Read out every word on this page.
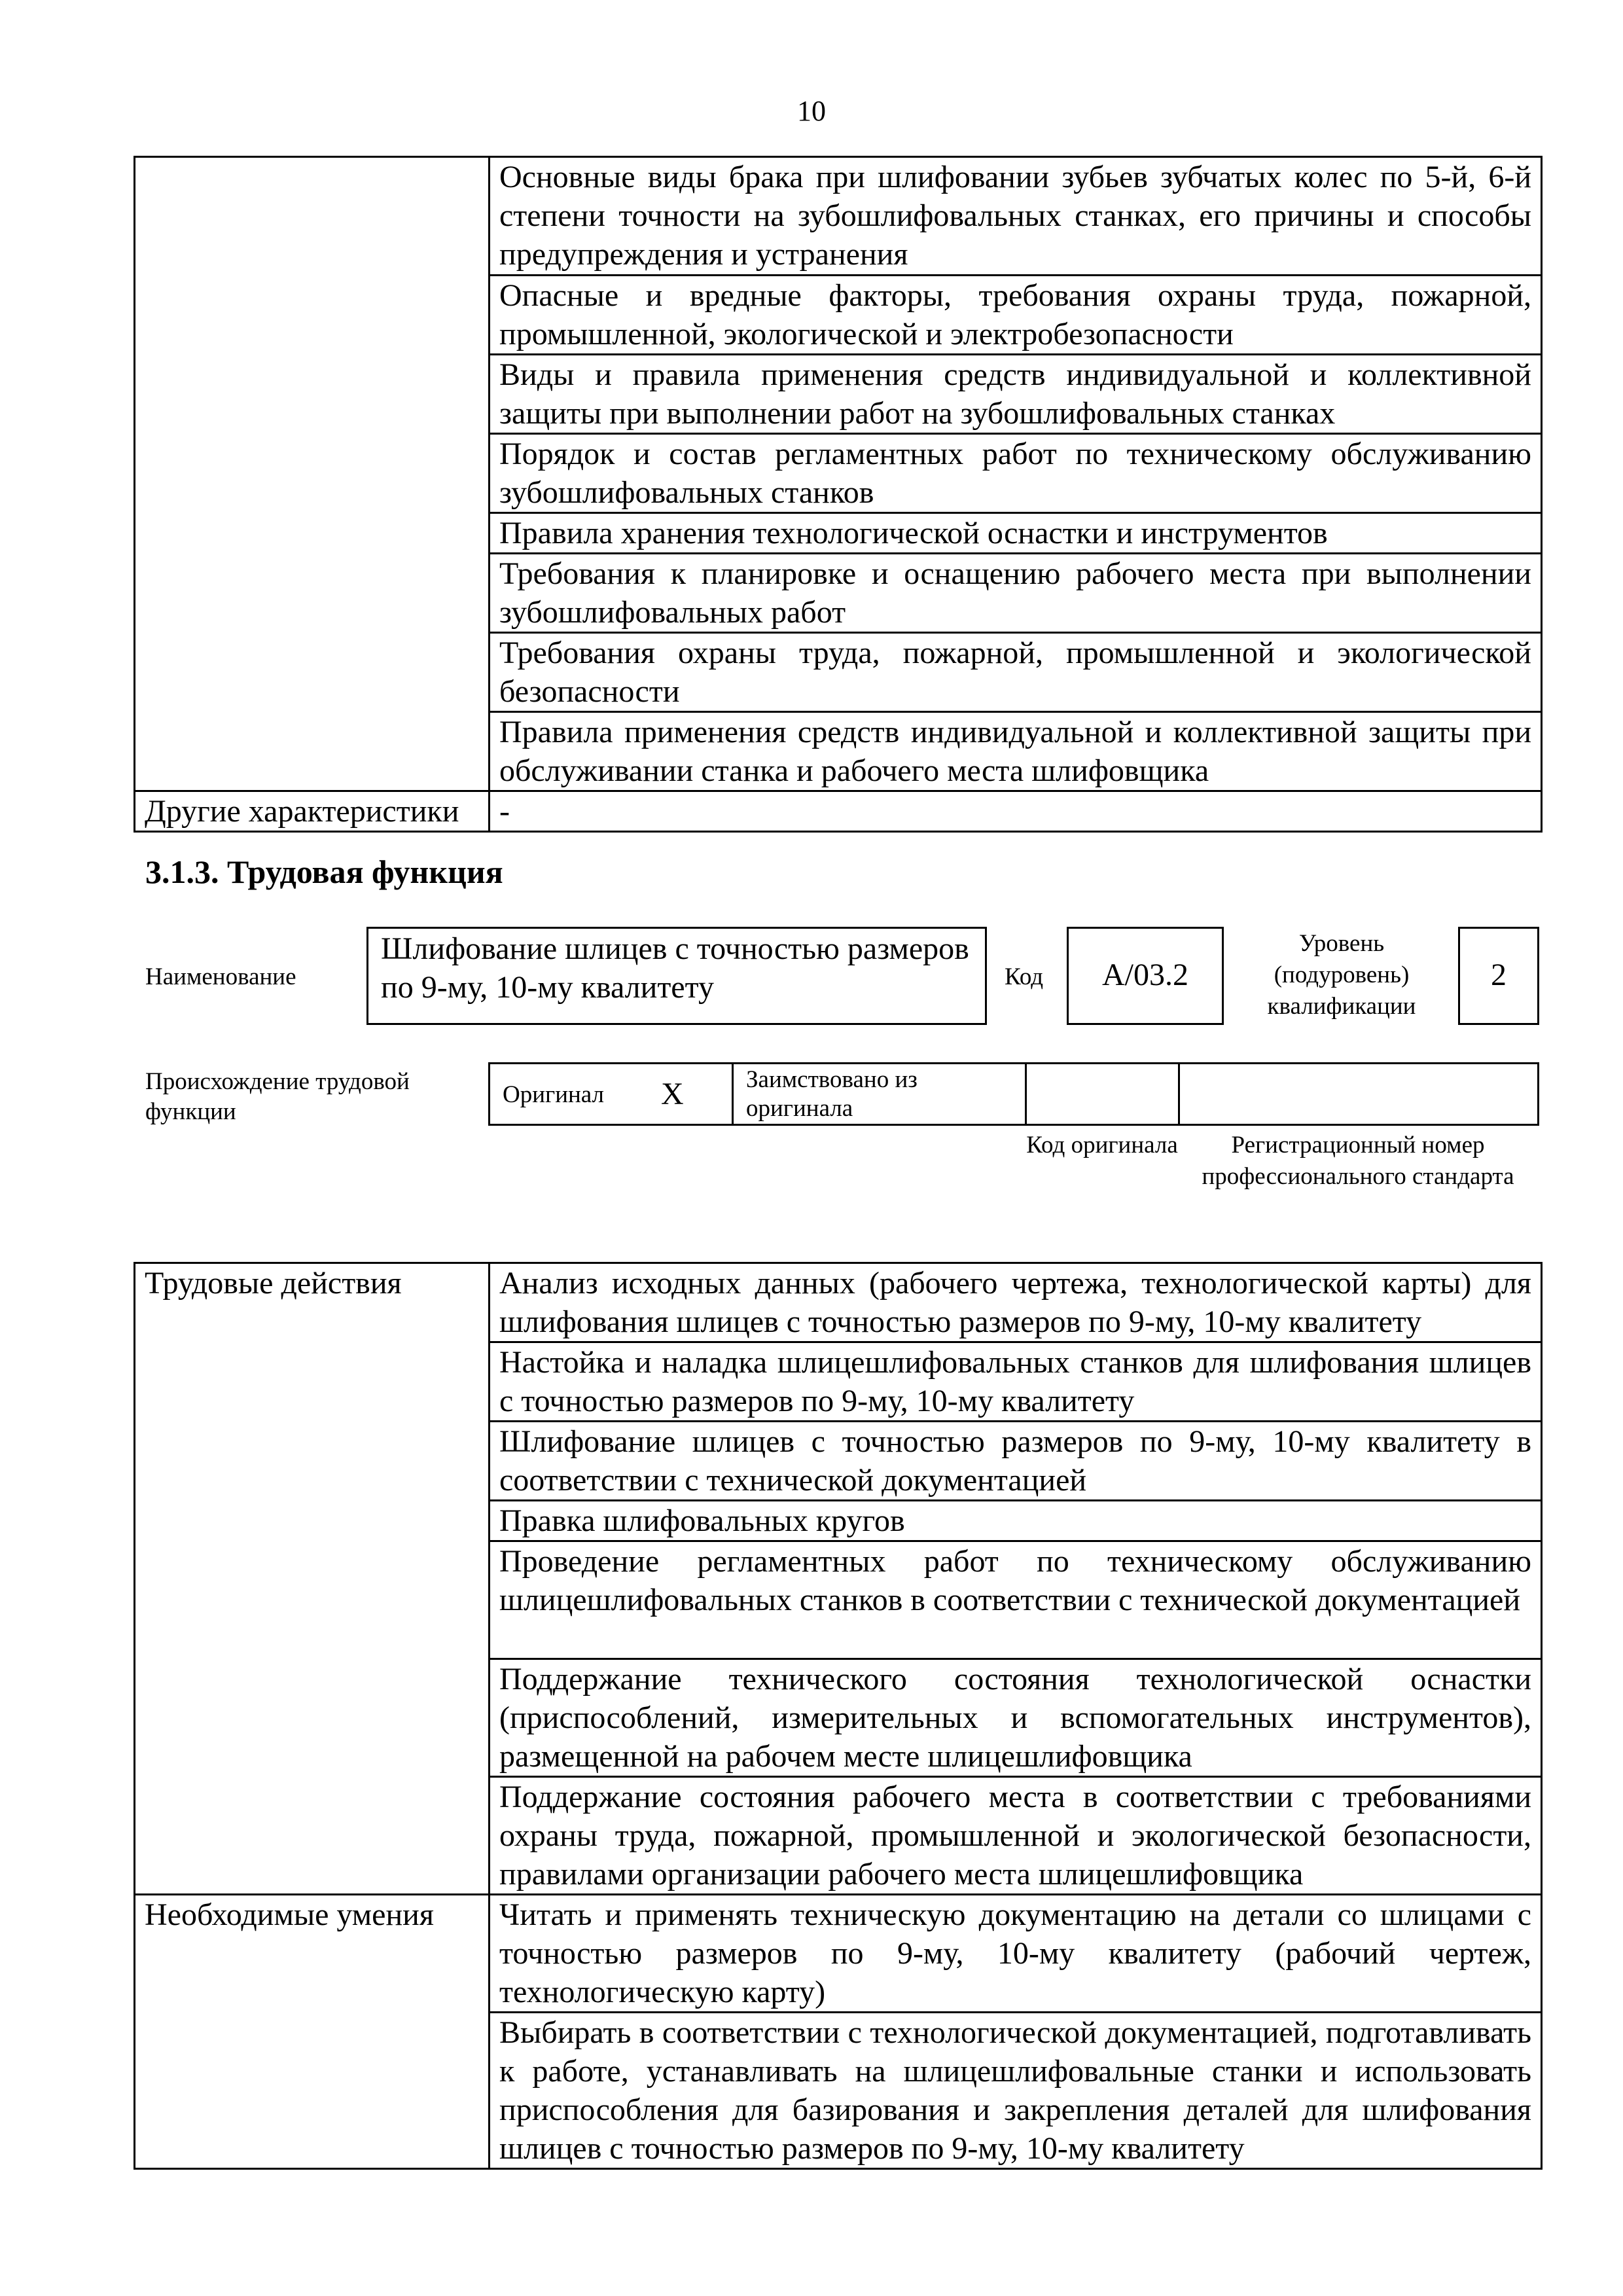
10
	Основные виды брака при шлифовании зубьев зубчатых колес по 5-й, 6-й степени точности на зубошлифовальных станках, его причины и способы предупреждения и устранения
	Опасные и вредные факторы, требования охраны труда, пожарной, промышленной, экологической и электробезопасности
	Виды и правила применения средств индивидуальной и коллективной защиты при выполнении работ на зубошлифовальных станках
	Порядок и состав регламентных работ по техническому обслуживанию зубошлифовальных станков
	Правила хранения технологической оснастки и инструментов
	Требования к планировке и оснащению рабочего места при выполнении зубошлифовальных работ
	Требования охраны труда, пожарной, промышленной и экологической безопасности
	Правила применения средств индивидуальной и коллективной защиты при обслуживании станка и рабочего места шлифовщика
Другие характеристики	-
3.1.3. Трудовая функция
Наименование
Шлифование шлицев с точностью размеров по 9-му, 10-му квалитету	Код	А/03.2
Уровень (подуровень) квалификации
2
Происхождение трудовой функции
Оригинал Х	Заимствовано из оригинала
Код оригинала	Регистрационный номер профессионального стандарта
Трудовые действия	Анализ исходных данных (рабочего чертежа, технологической карты) для шлифования шлицев с точностью размеров по 9-му, 10-му квалитету
	Настойка и наладка шлицешлифовальных станков для шлифования шлицев с точностью размеров по 9-му, 10-му квалитету
	Шлифование шлицев с точностью размеров по 9-му, 10-му квалитету в соответствии с технической документацией
	Правка шлифовальных кругов
	Проведение регламентных работ по техническому обслуживанию шлицешлифовальных станков в соответствии с технической документацией
	Поддержание технического состояния технологической оснастки (приспособлений, измерительных и вспомогательных инструментов), размещенной на рабочем месте шлицешлифовщика
	Поддержание состояния рабочего места в соответствии с требованиями охраны труда, пожарной, промышленной и экологической безопасности, правилами организации рабочего места шлицешлифовщика
Необходимые умения	Читать и применять техническую документацию на детали со шлицами с точностью размеров по 9-му, 10-му квалитету (рабочий чертеж, технологическую карту)
	Выбирать в соответствии с технологической документацией, подготавливать к работе, устанавливать на шлицешлифовальные станки и использовать приспособления для базирования и закрепления деталей для шлифования шлицев с точностью размеров по 9-му, 10-му квалитету
